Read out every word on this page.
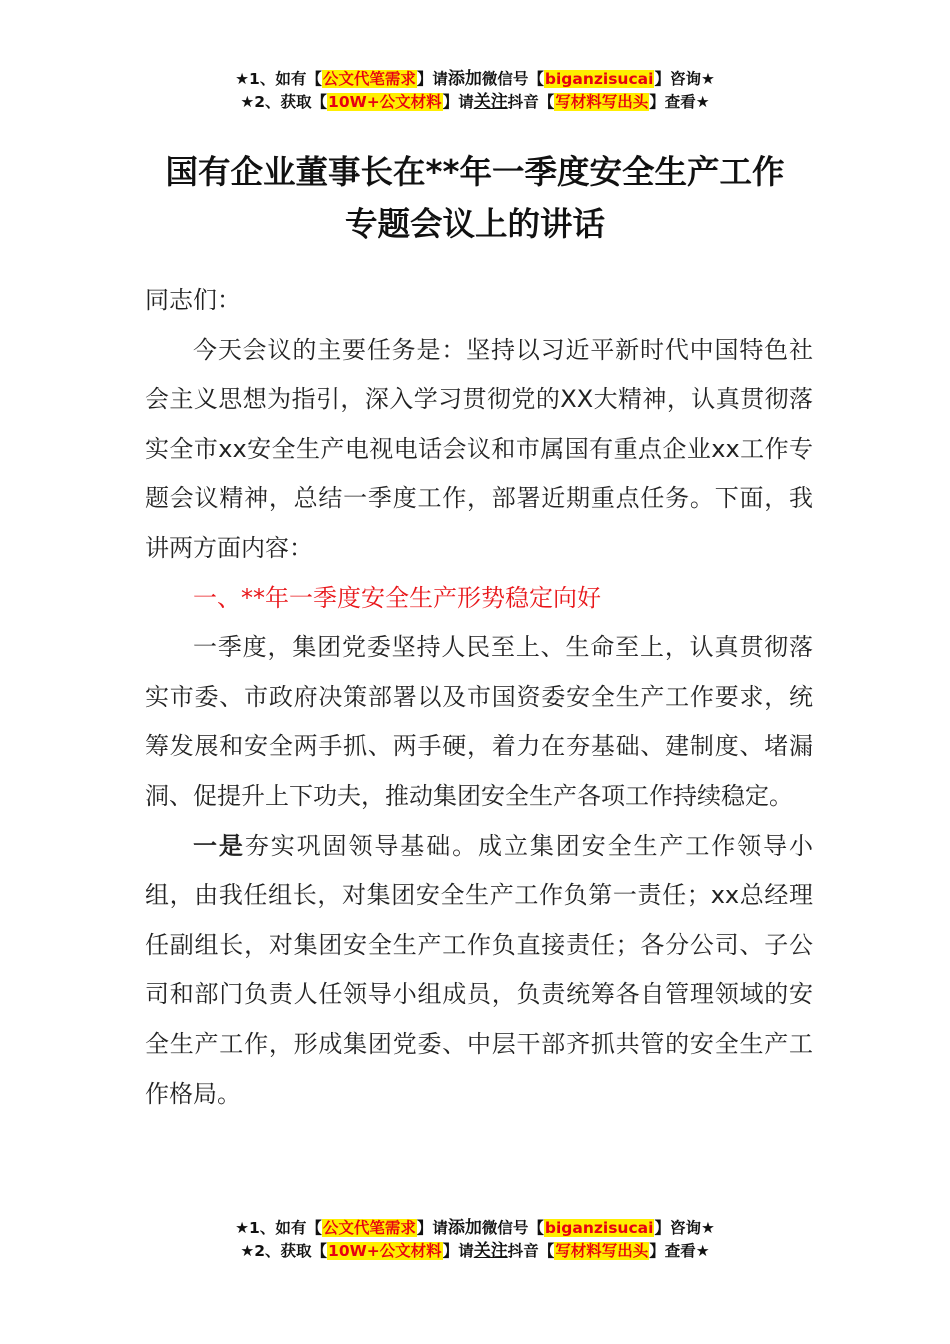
★1、如有【公文代笔需求】请添加微信号【biganzisucai】咨询★
★2、获取【10W+公文材料】请关注抖音【写材料写出头】查看★
国有企业董事长在**年一季度安全生产工作
专题会议上的讲话

同志们：

今天会议的主要任务是：坚持以习近平新时代中国特色社会主义思想为指引，深入学习贯彻党的XX大精神，认真贯彻落实全市xx安全生产电视电话会议和市属国有重点企业xx工作专题会议精神，总结一季度工作，部署近期重点任务。下面，我讲两方面内容：

一、**年一季度安全生产形势稳定向好

一季度，集团党委坚持人民至上、生命至上，认真贯彻落实市委、市政府决策部署以及市国资委安全生产工作要求，统筹发展和安全两手抓、两手硬，着力在夯基础、建制度、堵漏洞、促提升上下功夫，推动集团安全生产各项工作持续稳定。

一是夯实巩固领导基础。成立集团安全生产工作领导小组，由我任组长，对集团安全生产工作负第一责任；xx总经理任副组长，对集团安全生产工作负直接责任；各分公司、子公司和部门负责人任领导小组成员，负责统筹各自管理领域的安全生产工作，形成集团党委、中层干部齐抓共管的安全生产工作格局。

★1、如有【公文代笔需求】请添加微信号【biganzisucai】咨询★
★2、获取【10W+公文材料】请关注抖音【写材料写出头】查看★
